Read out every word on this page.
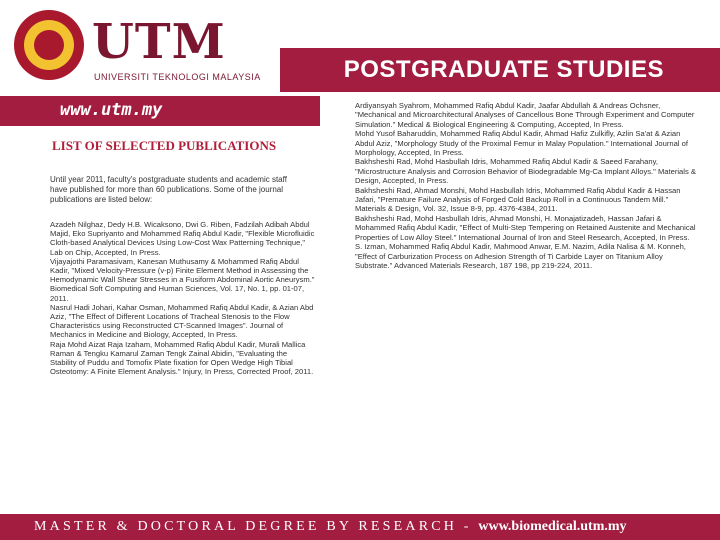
UTM
UNIVERSITI TEKNOLOGI MALAYSIA	POSTGRADUATE STUDIES
www.utm.my
LIST OF SELECTED PUBLICATIONS
Until year 2011, faculty's postgraduate students and academic staff have published for more than 60 publications. Some of the journal publications are listed below:
Azadeh Nilghaz, Dedy H.B. Wicaksono, Dwi G. Riben, Fadzilah Adibah Abdul Majid, Eko Supriyanto and Mohammed Rafiq Abdul Kadir, "Flexible Microfluidic Cloth-based Analytical Devices Using Low-Cost Wax Patterning Technique," Lab on Chip, Accepted, In Press.
Vijayajothi Paramasivam, Kanesan Muthusamy & Mohammed Rafiq Abdul Kadir, "Mixed Velocity-Pressure (v-p) Finite Element Method in Assessing the Hemodynamic Wall Shear Stresses in a Fusiform Abdominal Aortic Aneurysm." Biomedical Soft Computing and Human Sciences, Vol. 17, No. 1, pp. 01-07, 2011.
Nasrul Hadi Johari, Kahar Osman, Mohammed Rafiq Abdul Kadir, & Azian Abd Aziz, "The Effect of Different Locations of Tracheal Stenosis to the Flow Characteristics using Reconstructed CT-Scanned Images". Journal of Mechanics in Medicine and Biology, Accepted, In Press.
Raja Mohd Aizat Raja Izaham, Mohammed Rafiq Abdul Kadir, Murali Mallica Raman & Tengku Kamarul Zaman Tengk Zainal Abidin, "Evaluating the Stability of Puddu and Tomofix Plate fixation for Open Wedge High Tibial Osteotomy: A Finite Element Analysis." Injury, In Press, Corrected Proof, 2011.
Ardiyansyah Syahrom, Mohammed Rafiq Abdul Kadir, Jaafar Abdullah & Andreas Ochsner, "Mechanical and Microarchitectural Analyses of Cancellous Bone Through Experiment and Computer Simulation." Medical & Biological Engineering & Computing, Accepted, In Press.
Mohd Yusof Baharuddin, Mohammed Rafiq Abdul Kadir, Ahmad Hafiz Zulkifly, Azlin Sa'at & Azian Abdul Aziz, "Morphology Study of the Proximal Femur in Malay Population." International Journal of Morphology, Accepted, In Press.
Bakhsheshi Rad, Mohd Hasbullah Idris, Mohammed Rafiq Abdul Kadir & Saeed Farahany, "Microstructure Analysis and Corrosion Behavior of Biodegradable Mg-Ca Implant Alloys." Materials & Design, Accepted, In Press.
Bakhsheshi Rad, Ahmad Monshi, Mohd Hasbullah Idris, Mohammed Rafiq Abdul Kadir & Hassan Jafari, "Premature Failure Analysis of Forged Cold Backup Roll in a Continuous Tandem Mill." Materials & Design, Vol. 32, Issue 8-9, pp. 4376-4384, 2011.
Bakhsheshi Rad, Mohd Hasbullah Idris, Ahmad Monshi, H. Monajatizadeh, Hassan Jafari & Mohammed Rafiq Abdul Kadir, "Effect of Multi-Step Tempering on Retained Austenite and Mechanical Properties of Low Alloy Steel." International Journal of Iron and Steel Research, Accepted, In Press.
S. Izman, Mohammed Rafiq Abdul Kadir, Mahmood Anwar, E.M. Nazim, Adila Nalisa & M. Konneh, "Effect of Carburization Process on Adhesion Strength of Ti Carbide Layer on Titanium Alloy Substrate." Advanced Materials Research, 187 198, pp 219-224, 2011.
MASTER & DOCTORAL DEGREE BY RESEARCH - www.biomedical.utm.my
